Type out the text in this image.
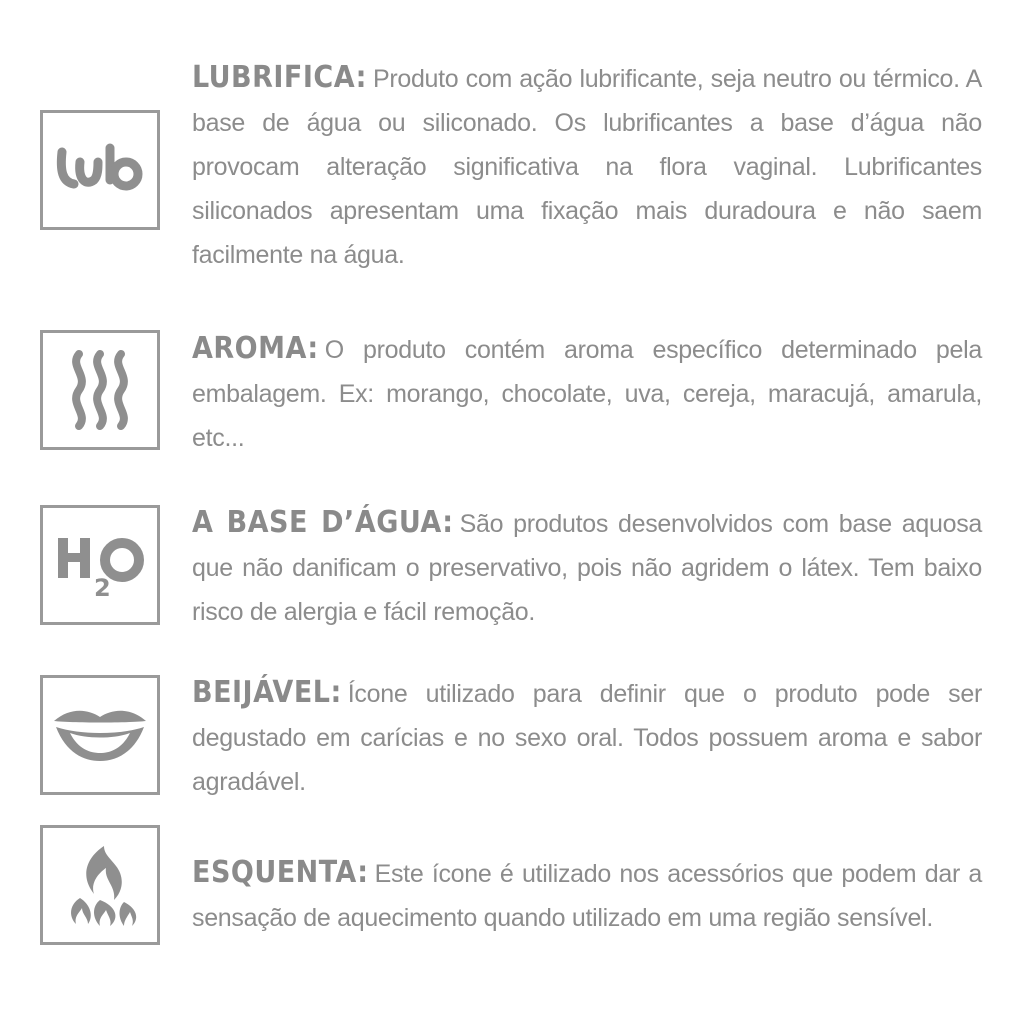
LUBRIFICA: Produto com ação lubrificante, seja neutro ou térmico. A base de água ou siliconado. Os lubrificantes a base d’água não provocam alteração significativa na flora vaginal. Lubrificantes siliconados apresentam uma fixação mais duradoura e não saem facilmente na água.
AROMA: O produto contém aroma específico determinado pela embalagem. Ex: morango, chocolate, uva, cereja, maracujá, amarula, etc...
2
A BASE D’ÁGUA: São produtos desenvolvidos com base aquosa que não danificam o preservativo, pois não agridem o látex. Tem baixo risco de alergia e fácil remoção.
BEIJÁVEL: Ícone utilizado para definir que o produto pode ser degustado em carícias e no sexo oral. Todos possuem aroma e sabor agradável.
ESQUENTA: Este ícone é utilizado nos acessórios que podem dar a sensação de aquecimento quando utilizado em uma região sensível.
